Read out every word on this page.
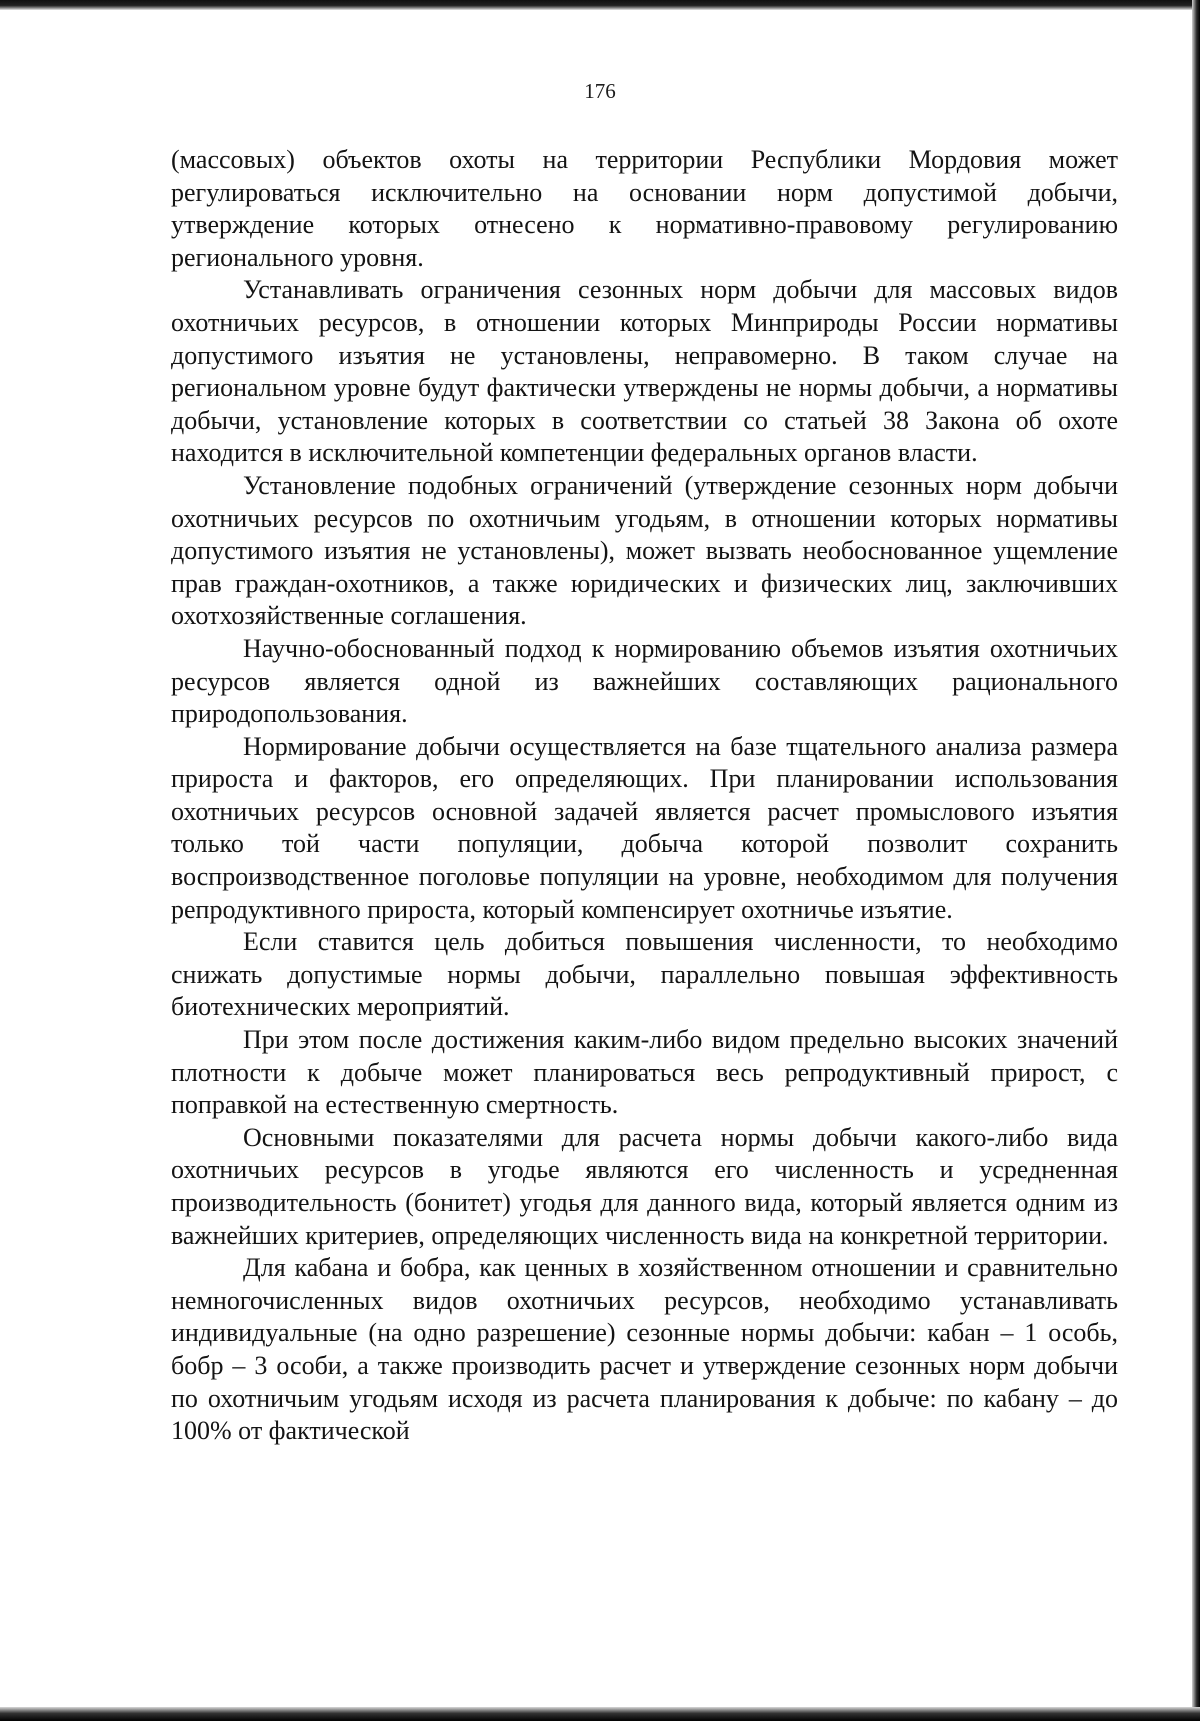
176

(массовых) объектов охоты на территории Республики Мордовия может регулироваться исключительно на основании норм допустимой добычи, утверждение которых отнесено к нормативно-правовому регулированию регионального уровня.

Устанавливать ограничения сезонных норм добычи для массовых видов охотничьих ресурсов, в отношении которых Минприроды России нормативы допустимого изъятия не установлены, неправомерно. В таком случае на региональном уровне будут фактически утверждены не нормы добычи, а нормативы добычи, установление которых в соответствии со статьей 38 Закона об охоте находится в исключительной компетенции федеральных органов власти.

Установление подобных ограничений (утверждение сезонных норм добычи охотничьих ресурсов по охотничьим угодьям, в отношении которых нормативы допустимого изъятия не установлены), может вызвать необоснованное ущемление прав граждан-охотников, а также юридических и физических лиц, заключивших охотхозяйственные соглашения.

Научно-обоснованный подход к нормированию объемов изъятия охотничьих ресурсов является одной из важнейших составляющих рационального природопользования.

Нормирование добычи осуществляется на базе тщательного анализа размера прироста и факторов, его определяющих. При планировании использования охотничьих ресурсов основной задачей является расчет промыслового изъятия только той части популяции, добыча которой позволит сохранить воспроизводственное поголовье популяции на уровне, необходимом для получения репродуктивного прироста, который компенсирует охотничье изъятие.

Если ставится цель добиться повышения численности, то необходимо снижать допустимые нормы добычи, параллельно повышая эффективность биотехнических мероприятий.

При этом после достижения каким-либо видом предельно высоких значений плотности к добыче может планироваться весь репродуктивный прирост, с поправкой на естественную смертность.

Основными показателями для расчета нормы добычи какого-либо вида охотничьих ресурсов в угодье являются его численность и усредненная производительность (бонитет) угодья для данного вида, который является одним из важнейших критериев, определяющих численность вида на конкретной территории.

Для кабана и бобра, как ценных в хозяйственном отношении и сравнительно немногочисленных видов охотничьих ресурсов, необходимо устанавливать индивидуальные (на одно разрешение) сезонные нормы добычи: кабан – 1 особь, бобр – 3 особи, а также производить расчет и утверждение сезонных норм добычи по охотничьим угодьям исходя из расчета планирования к добыче: по кабану – до 100% от фактической
